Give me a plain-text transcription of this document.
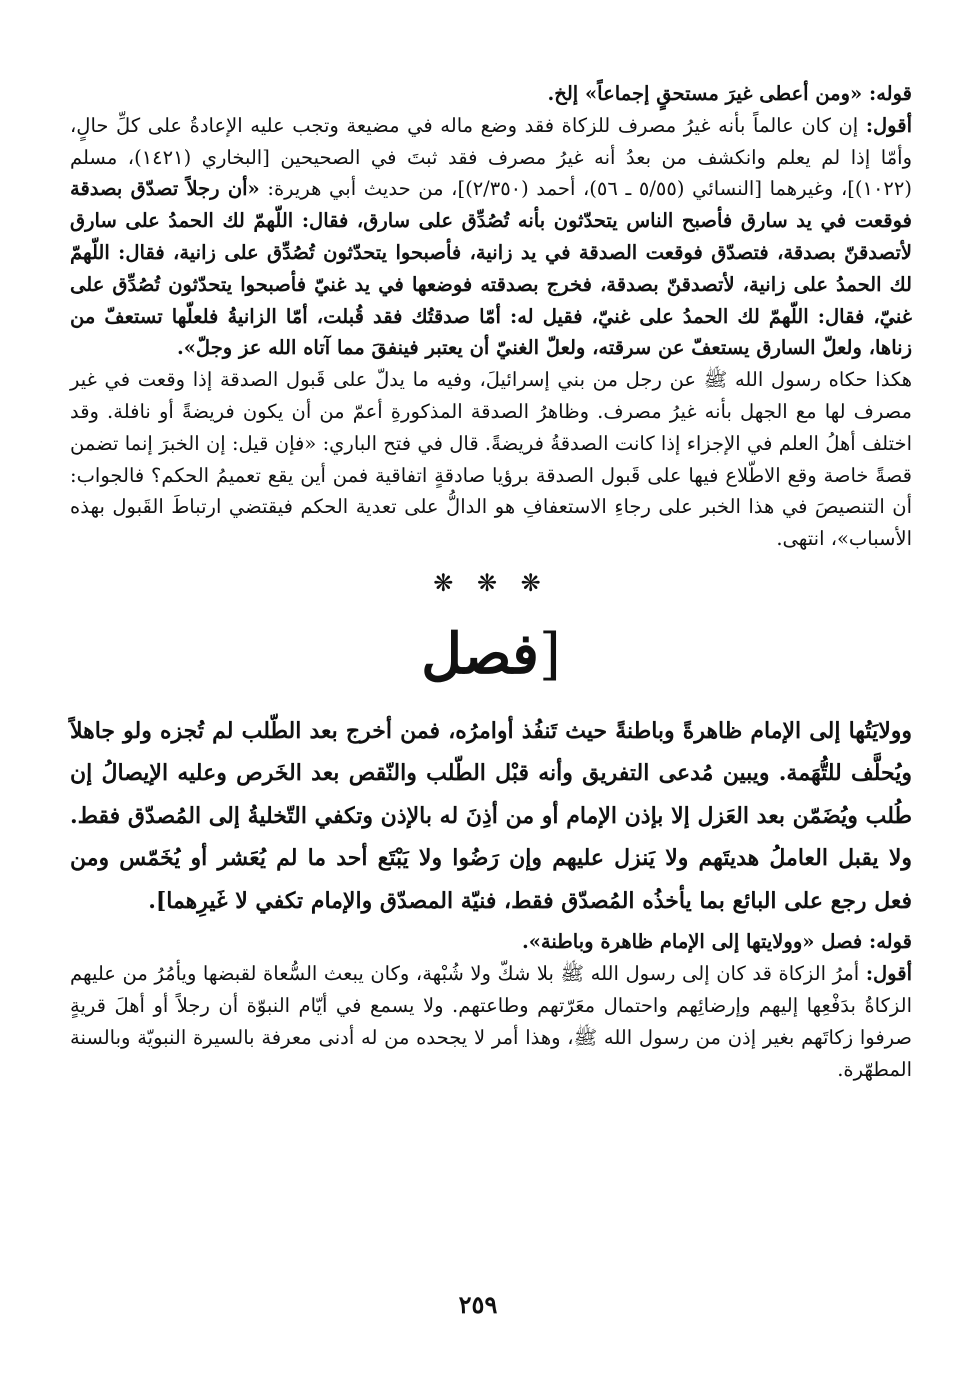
قوله: «ومن أعطى غيرَ مستحقٍ إجماعاً» إلخ.

أقول: إن كان عالماً بأنه غيرُ مصرف للزكاة فقد وضع ماله في مضيعة وتجب عليه الإعادةُ على كلِّ حالٍ، وأمّا إذا لم يعلم وانكشف من بعدُ أنه غيرُ مصرف فقد ثبتَ في الصحيحين [البخاري (١٤٢١)، مسلم (١٠٢٢)]، وغيرهما [النسائي (٥/٥٥ ـ ٥٦)، أحمد (٢/٣٥٠)]، من حديث أبي هريرة: «أن رجلاً تصدّق بصدقة فوقعت في يد سارق فأصبح الناس يتحدّثون بأنه تُصُدِّق على سارق، فقال: اللّهمّ لك الحمدُ على سارق لأتصدقنّ بصدقة، فتصدّق فوقعت الصدقة في يد زانية، فأصبحوا يتحدّثون تُصُدِّق على زانية، فقال: اللّهمّ لك الحمدُ على زانية، لأتصدقنّ بصدقة، فخرج بصدقته فوضعها في يد غنيّ فأصبحوا يتحدّثون تُصُدِّق على غنيّ، فقال: اللّهمّ لك الحمدُ على غنيّ، فقيل له: أمّا صدقتُك فقد قُبلت، أمّا الزانيةُ فلعلّها تستعفّ من زناها، ولعلّ السارق يستعفّ عن سرقته، ولعلّ الغنيّ أن يعتبر فينفقَ مما آتاه الله عز وجلّ».

هكذا حكاه رسول الله ﷺ عن رجل من بني إسرائيلَ، وفيه ما يدلّ على قَبول الصدقة إذا وقعت في غير مصرف لها مع الجهل بأنه غيرُ مصرف. وظاهرُ الصدقة المذكورةِ أعمّ من أن يكون فريضةً أو نافلة. وقد اختلف أهلُ العلم في الإجزاء إذا كانت الصدقةُ فريضةً. قال في فتح الباري: «فإن قيل: إن الخبرَ إنما تضمن قصةً خاصة وقع الاطّلاع فيها على قَبول الصدقة برؤيا صادقةٍ اتفاقية فمن أين يقع تعميمُ الحكم؟ فالجواب: أن التنصيصَ في هذا الخبر على رجاءِ الاستعفافِ هو الدالُّ على تعدية الحكم فيقتضي ارتباطَ القَبول بهذه الأسباب»، انتهى.

❋ ❋ ❋
[فصل

وولايَتُها إلى الإمام ظاهرةً وباطنةً حيث تَنفُذ أوامرُه، فمن أخرج بعد الطّلب لم تُجزه ولو جاهلاً ويُحلَّف للتُّهَمة. ويبين مُدعى التفريق وأنه قبْل الطّلب والنّقص بعد الخَرص وعليه الإيصالُ إن طُلب ويُضَمّن بعد العَزل إلا بإذن الإمام أو من أذِنَ له بالإذن وتكفي التّخليةُ إلى المُصدّق فقط. ولا يقبل العاملُ هديتَهم ولا يَنزل عليهم وإن رَضُوا ولا يَبْتَع أحد ما لم يُعَشر أو يُخَمّس ومن فعل رجع على البائع بما يأخذُه المُصدّق فقط، فنيّة المصدّق والإمام تكفي لا غَيرِهما].

قوله: فصل «وولايتها إلى الإمام ظاهرة وباطنة».

أقول: أمرُ الزكاة قد كان إلى رسول الله ﷺ بلا شكّ ولا شُبْهة، وكان يبعث السُّعاة لقبضها ويأمُرُ من عليهم الزكاةُ بدَفْعِها إليهم وإرضائِهم واحتمال معَرّتهم وطاعتهم. ولا يسمع في أيّام النبوّة أن رجلاً أو أهلَ قريةٍ صرفوا زكاتَهم بغير إذن من رسول الله ﷺ، وهذا أمر لا يجحده من له أدنى معرفة بالسيرة النبويّة وبالسنة المطهّرة.

٢٥٩
